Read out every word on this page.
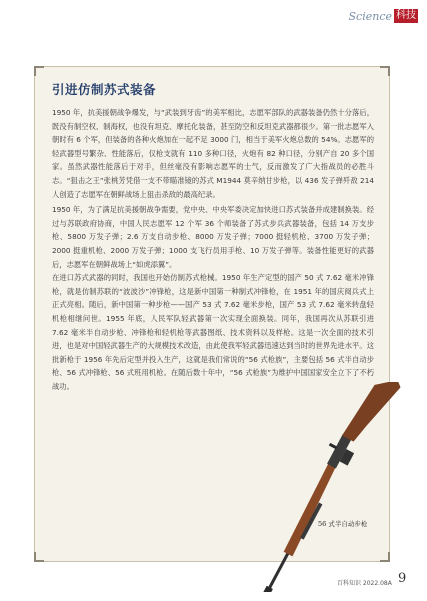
Science 科技
引进仿制苏式装备

1950 年，抗美援朝战争爆发，与“武装到牙齿”的美军相比，志愿军部队的武器装备仍然十分落后，既没有制空权、制海权，也没有坦克、摩托化装备，甚至防空和反坦克武器都很少。第一批志愿军入朝时有 6 个军，但装备的各种火炮加在一起不足 3000 门，相当于美军火炮总数的 54%。志愿军的轻武器型号繁杂、性能落后，仅枪支就有 110 多种口径，火炮有 82 种口径，分别产自 20 多个国家。虽然武器性能落后于对手，但丝毫没有影响志愿军的士气，反而激发了广大指战员的必胜斗志。“狙击之王”张桃芳凭借一支不带瞄准镜的苏式 M1944 莫辛纳甘步枪，以 436 发子弹歼敌 214 人创造了志愿军在朝鲜战场上狙击杀敌的最高纪录。

1950 年，为了满足抗美援朝战争需要，党中央、中央军委决定加快进口苏式装备并成建制换装。经过与苏联政府协商，中国人民志愿军 12 个军 36 个师装备了苏式步兵武器装备，包括 14 万支步枪、5800 万发子弹；2.6 万支自动步枪、8000 万发子弹；7000 挺轻机枪、3700 万发子弹；2000 挺重机枪、2000 万发子弹；1000 支飞行员用手枪、10 万发子弹等。装备性能更好的武器后，志愿军在朝鲜战场上“如虎添翼”。

在进口苏式武器的同时，我国也开始仿制苏式枪械。1950 年生产定型的国产 50 式 7.62 毫米冲锋枪，就是仿制苏联的“波波沙”冲锋枪，这是新中国第一种制式冲锋枪，在 1951 年的国庆阅兵式上正式亮相。随后，新中国第一种步枪——国产 53 式 7.62 毫米步枪，国产 53 式 7.62 毫米转盘轻机枪相继问世。1955 年底，人民军队轻武器第一次实现全面换装。同年，我国再次从苏联引进 7.62 毫米半自动步枪、冲锋枪和轻机枪等武器图纸、技术资料以及样枪。这是一次全面的技术引进，也是对中国轻武器生产的大规模技术改造，由此使我军轻武器迅速达到当时的世界先进水平。这批新枪于 1956 年先后定型并投入生产，这就是我们常说的“56 式枪族”，主要包括 56 式半自动步枪、56 式冲锋枪、56 式班用机枪。在随后数十年中，“56 式枪族”为维护中国国家安全立下了不朽战功。

56 式半自动步枪
百科知识 2022.08A 9
